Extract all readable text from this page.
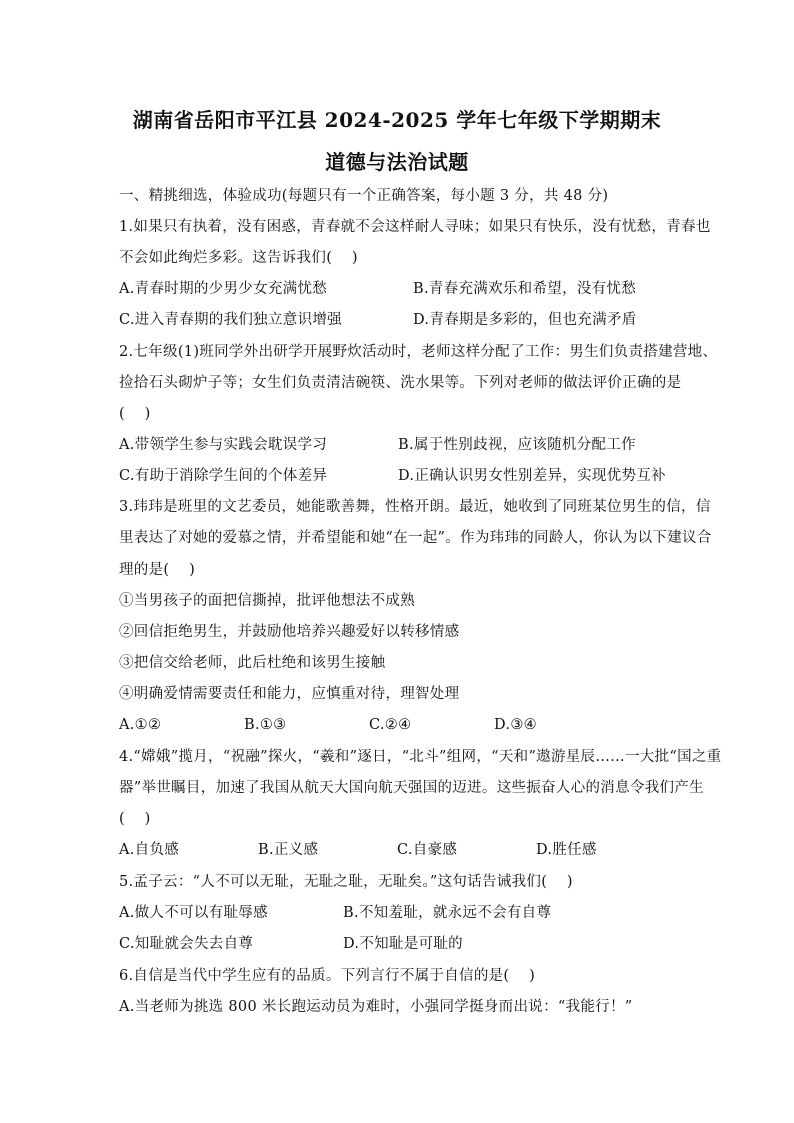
湖南省岳阳市平江县 2024-2025 学年七年级下学期期末
道德与法治试题
一、精挑细选，体验成功(每题只有一个正确答案，每小题 3 分，共 48 分)
1.如果只有执着，没有困惑，青春就不会这样耐人寻味；如果只有快乐，没有忧愁，青春也
不会如此绚烂多彩。这告诉我们(　 )
A.青春时期的少男少女充满忧愁	B.青春充满欢乐和希望，没有忧愁
C.进入青春期的我们独立意识增强	D.青春期是多彩的，但也充满矛盾
2.七年级(1)班同学外出研学开展野炊活动时，老师这样分配了工作：男生们负责搭建营地、
捡拾石头砌炉子等；女生们负责清洁碗筷、洗水果等。下列对老师的做法评价正确的是
(　 )
A.带领学生参与实践会耽误学习	B.属于性别歧视，应该随机分配工作
C.有助于消除学生间的个体差异	D.正确认识男女性别差异，实现优势互补
3.玮玮是班里的文艺委员，她能歌善舞，性格开朗。最近，她收到了同班某位男生的信，信
里表达了对她的爱慕之情，并希望能和她“在一起”。作为玮玮的同龄人，你认为以下建议合
理的是(　 )
①当男孩子的面把信撕掉，批评他想法不成熟
②回信拒绝男生，并鼓励他培养兴趣爱好以转移情感
③把信交给老师，此后杜绝和该男生接触
④明确爱情需要责任和能力，应慎重对待，理智处理
A.①②	B.①③	C.②④	D.③④
4.“嫦娥”揽月，“祝融”探火，“羲和”逐日，“北斗”组网，“天和”遨游星辰……一大批“国之重
器”举世瞩目，加速了我国从航天大国向航天强国的迈进。这些振奋人心的消息令我们产生
(　 )
A.自负感	B.正义感	C.自豪感	D.胜任感
5.孟子云：“人不可以无耻，无耻之耻，无耻矣。”这句话告诫我们(　 )
A.做人不可以有耻辱感	B.不知羞耻，就永远不会有自尊
C.知耻就会失去自尊	D.不知耻是可耻的
6.自信是当代中学生应有的品质。下列言行不属于自信的是(　 )
A.当老师为挑选 800 米长跑运动员为难时，小强同学挺身而出说：“我能行！”
